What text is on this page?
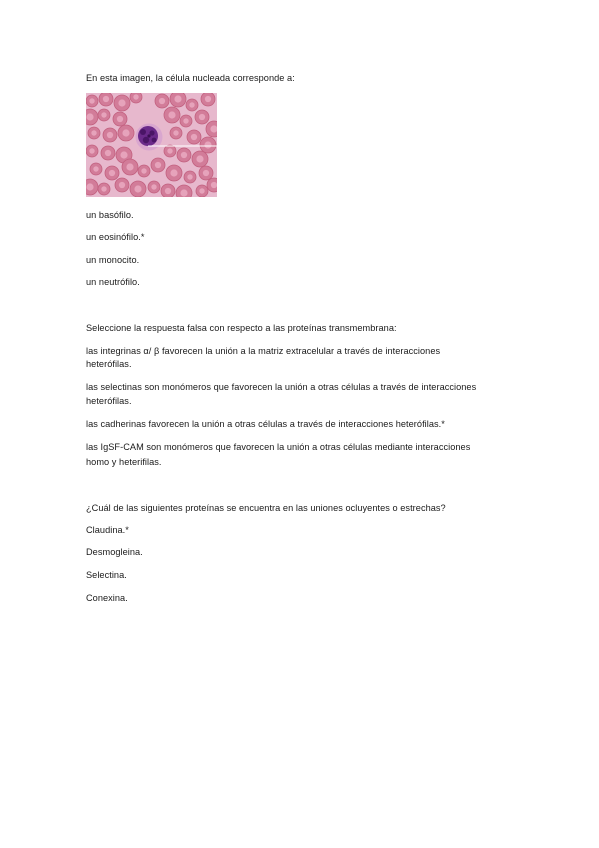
En esta imagen, la célula nucleada corresponde a:
un basófilo.
un eosinófilo.*
un monocito.
un neutrófilo.
Seleccione la respuesta falsa con respecto a las proteínas transmembrana:
las integrinas α/ β favorecen la unión a la matriz extracelular a través de interacciones
heterófilas.
las selectinas son monómeros que favorecen la unión a otras células a través de interacciones
heterófilas.
las cadherinas favorecen la unión a otras células a través de interacciones heterófilas.*
las IgSF-CAM son monómeros que favorecen la unión a otras células mediante interacciones
homo y heterifilas.
¿Cuál de las siguientes proteínas se encuentra en las uniones ocluyentes o estrechas?
Claudina.*
Desmogleina.
Selectina.
Conexina.
